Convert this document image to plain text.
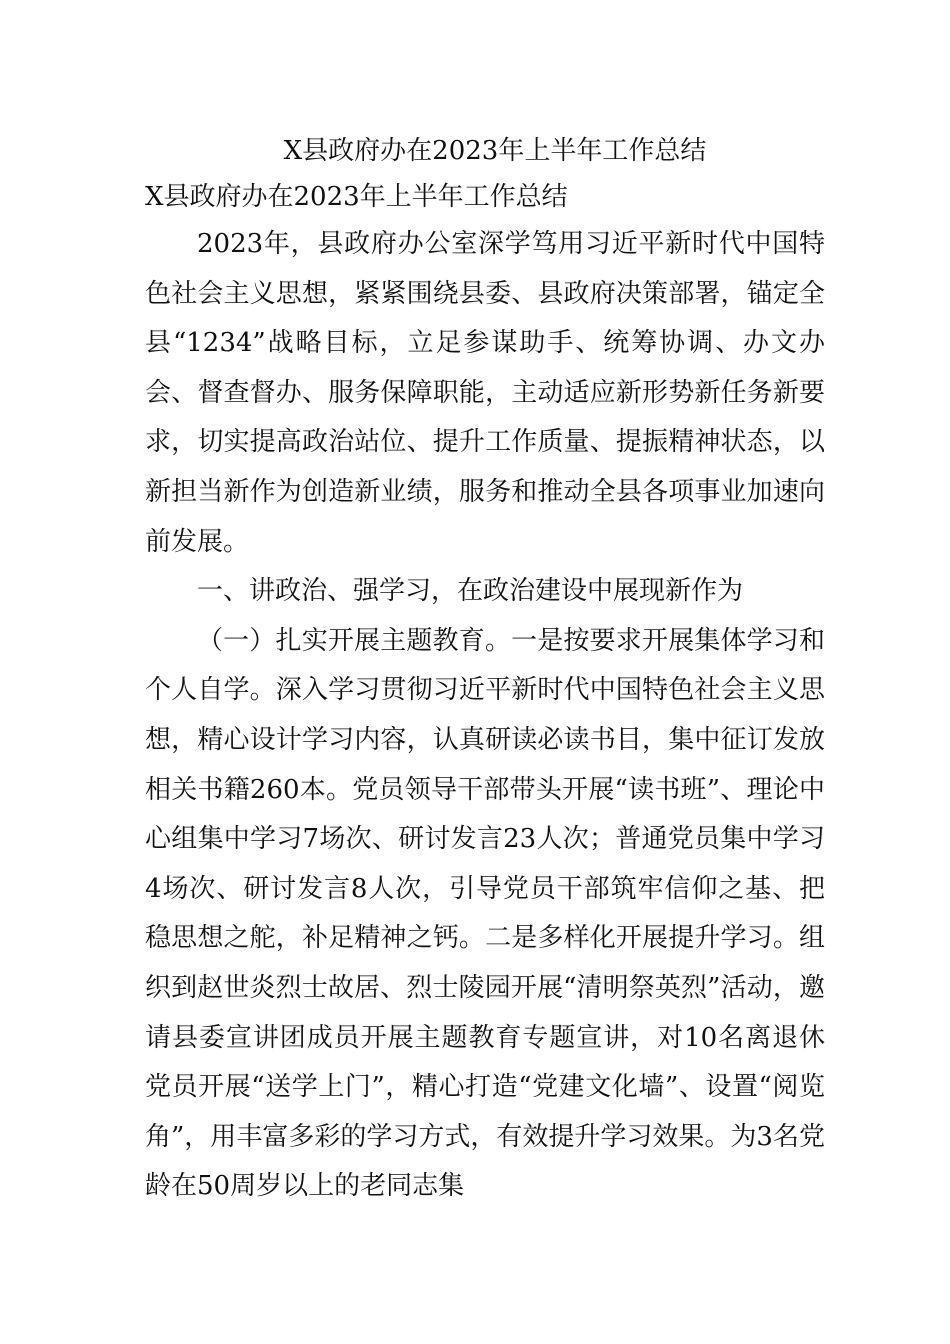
X县政府办在2023年上半年工作总结

X县政府办在2023年上半年工作总结

2023年，县政府办公室深学笃用习近平新时代中国特色社会主义思想，紧紧围绕县委、县政府决策部署，锚定全县“1234”战略目标，立足参谋助手、统筹协调、办文办会、督查督办、服务保障职能，主动适应新形势新任务新要求，切实提高政治站位、提升工作质量、提振精神状态，以新担当新作为创造新业绩，服务和推动全县各项事业加速向前发展。

一、讲政治、强学习，在政治建设中展现新作为

（一）扎实开展主题教育。一是按要求开展集体学习和个人自学。深入学习贯彻习近平新时代中国特色社会主义思想，精心设计学习内容，认真研读必读书目，集中征订发放相关书籍260本。党员领导干部带头开展“读书班”、理论中心组集中学习7场次、研讨发言23人次；普通党员集中学习4场次、研讨发言8人次，引导党员干部筑牢信仰之基、把稳思想之舵，补足精神之钙。二是多样化开展提升学习。组织到赵世炎烈士故居、烈士陵园开展“清明祭英烈”活动，邀请县委宣讲团成员开展主题教育专题宣讲，对10名离退休党员开展“送学上门”，精心打造“党建文化墙”、设置“阅览角”，用丰富多彩的学习方式，有效提升学习效果。为3名党龄在50周岁以上的老同志集
